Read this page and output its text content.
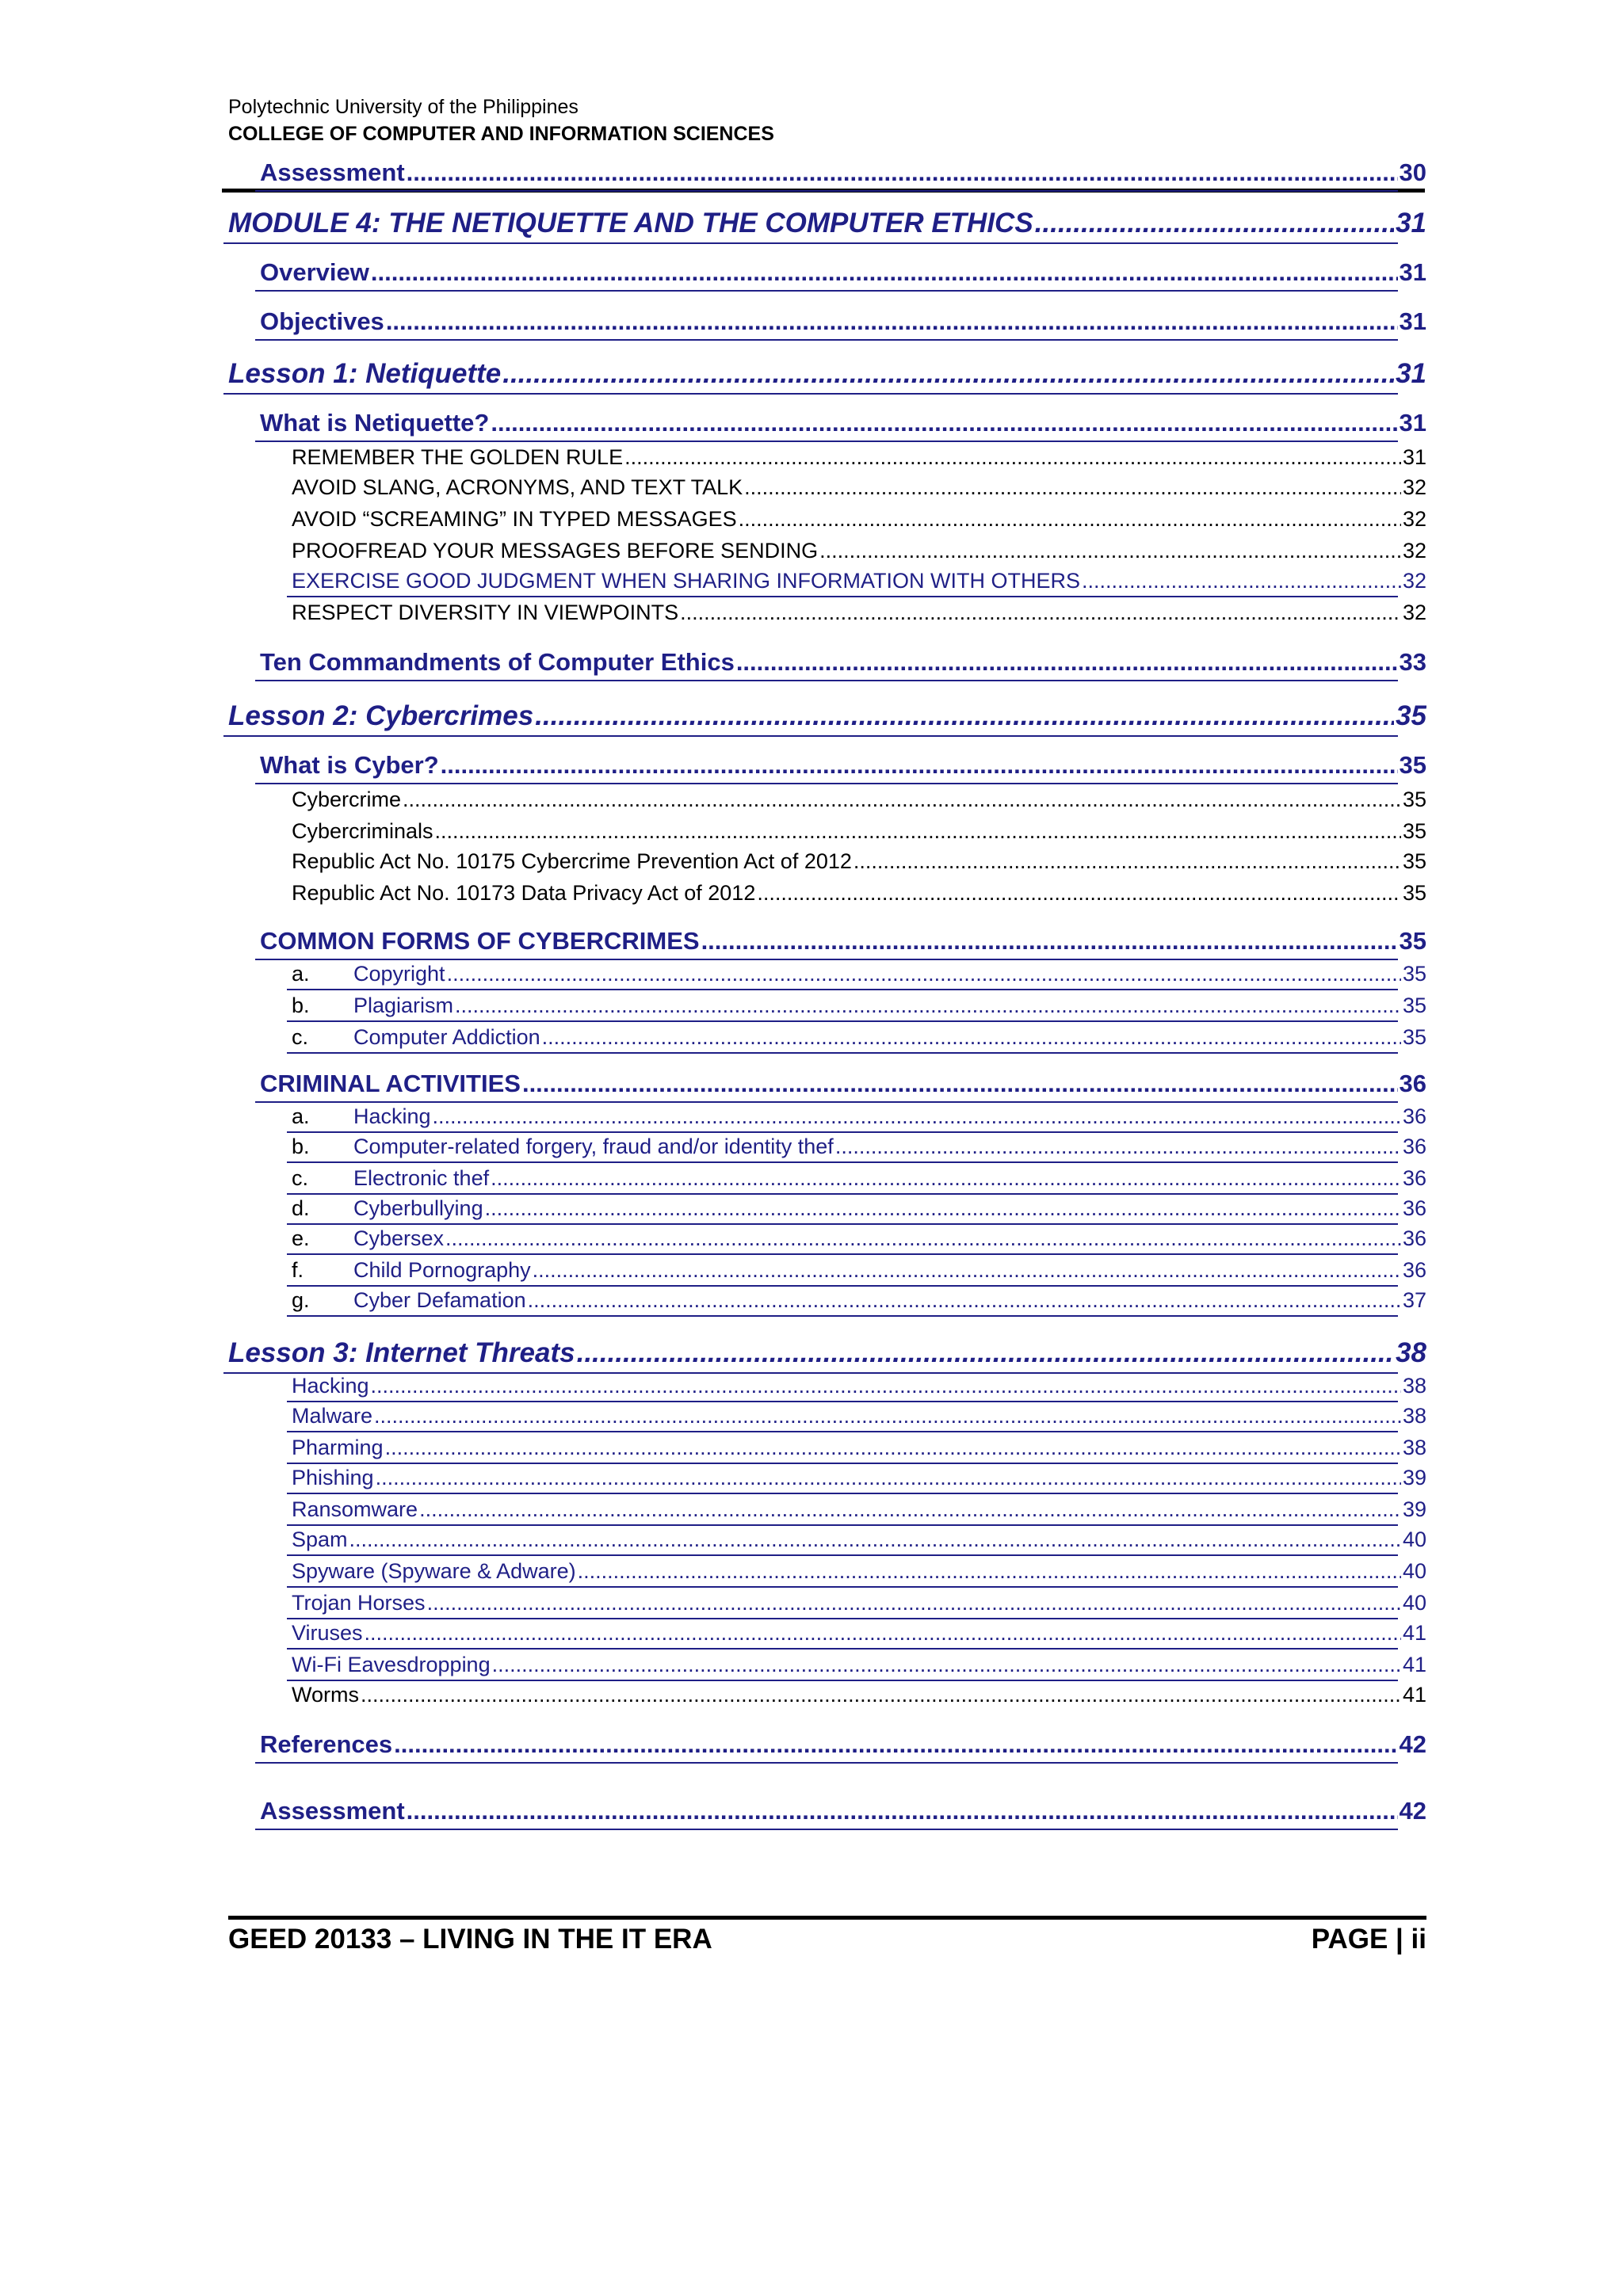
Polytechnic University of the Philippines
COLLEGE OF COMPUTER AND INFORMATION SCIENCES
Assessment .....	30
MODULE 4: THE NETIQUETTE AND THE COMPUTER ETHICS .....	31
Overview .....	31
Objectives .....	31
Lesson 1: Netiquette .....	31
What is Netiquette? .....	31
REMEMBER THE GOLDEN RULE .....	31
AVOID SLANG, ACRONYMS, AND TEXT TALK .....	32
AVOID “SCREAMING” IN TYPED MESSAGES .....	32
PROOFREAD YOUR MESSAGES BEFORE SENDING .....	32
EXERCISE GOOD JUDGMENT WHEN SHARING INFORMATION WITH OTHERS .....	32
RESPECT DIVERSITY IN VIEWPOINTS .....	32
Ten Commandments of Computer Ethics .....	33
Lesson 2: Cybercrimes .....	35
What is Cyber? .....	35
Cybercrime .....	35
Cybercriminals .....	35
Republic Act No. 10175 Cybercrime Prevention Act of 2012 .....	35
Republic Act No. 10173 Data Privacy Act of 2012 .....	35
COMMON FORMS OF CYBERCRIMES .....	35
a.	Copyright .....	35
b.	Plagiarism .....	35
c.	Computer Addiction .....	35
CRIMINAL ACTIVITIES .....	36
a.	Hacking .....	36
b.	Computer-related forgery, fraud and/or identity thef .....	36
c.	Electronic thef .....	36
d.	Cyberbullying .....	36
e.	Cybersex .....	36
f.	Child Pornography .....	36
g.	Cyber Defamation .....	37
Lesson 3: Internet Threats .....	38
Hacking .....	38
Malware .....	38
Pharming .....	38
Phishing .....	39
Ransomware .....	39
Spam .....	40
Spyware (Spyware & Adware) .....	40
Trojan Horses .....	40
Viruses .....	41
Wi-Fi Eavesdropping .....	41
Worms .....	41
References .....	42
Assessment .....	42
GEED 20133 – LIVING IN THE IT ERA	PAGE | ii
